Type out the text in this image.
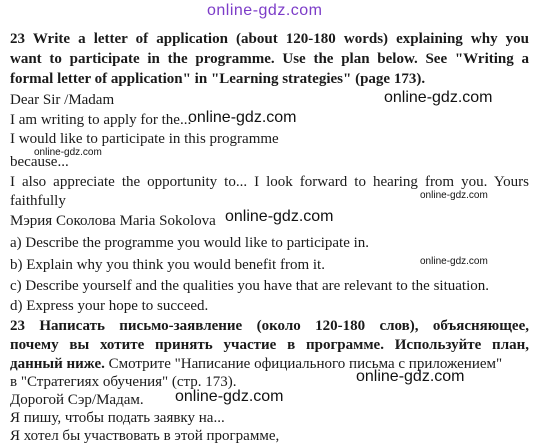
online-gdz.com
23 Write a letter of application (about 120-180 words) explaining why you
want to participate in the programme. Use the plan below. See "Writing a
formal letter of application" in "Learning strategies" (page 173).
Dear Sir /Madam	online-gdz.com
I am writing to apply for the...
online-gdz.com
I would like to participate in this programme
online-gdz.com
because...
I also appreciate the opportunity to... I look forward to hearing from you. Yours
online-gdz.com
faithfully
Мэрия Соколова Maria Sokolova online-gdz.com
a) Describe the programme you would like to participate in.
b) Explain why you think you would benefit from it.	online-gdz.com
c) Describe yourself and the qualities you have that are relevant to the situation.
d) Express your hope to succeed.
23 Написать письмо-заявление (около 120-180 слов), объясняющее,
почему вы хотите принять участие в программе. Используйте план,
данный ниже. Смотрите "Написание официального письма с приложением"
в "Стратегиях обучения" (стр. 173).	online-gdz.com
Дорогой Сэр/Мадам. online-gdz.com
Я пишу, чтобы подать заявку на...
Я хотел бы участвовать в этой программе,
